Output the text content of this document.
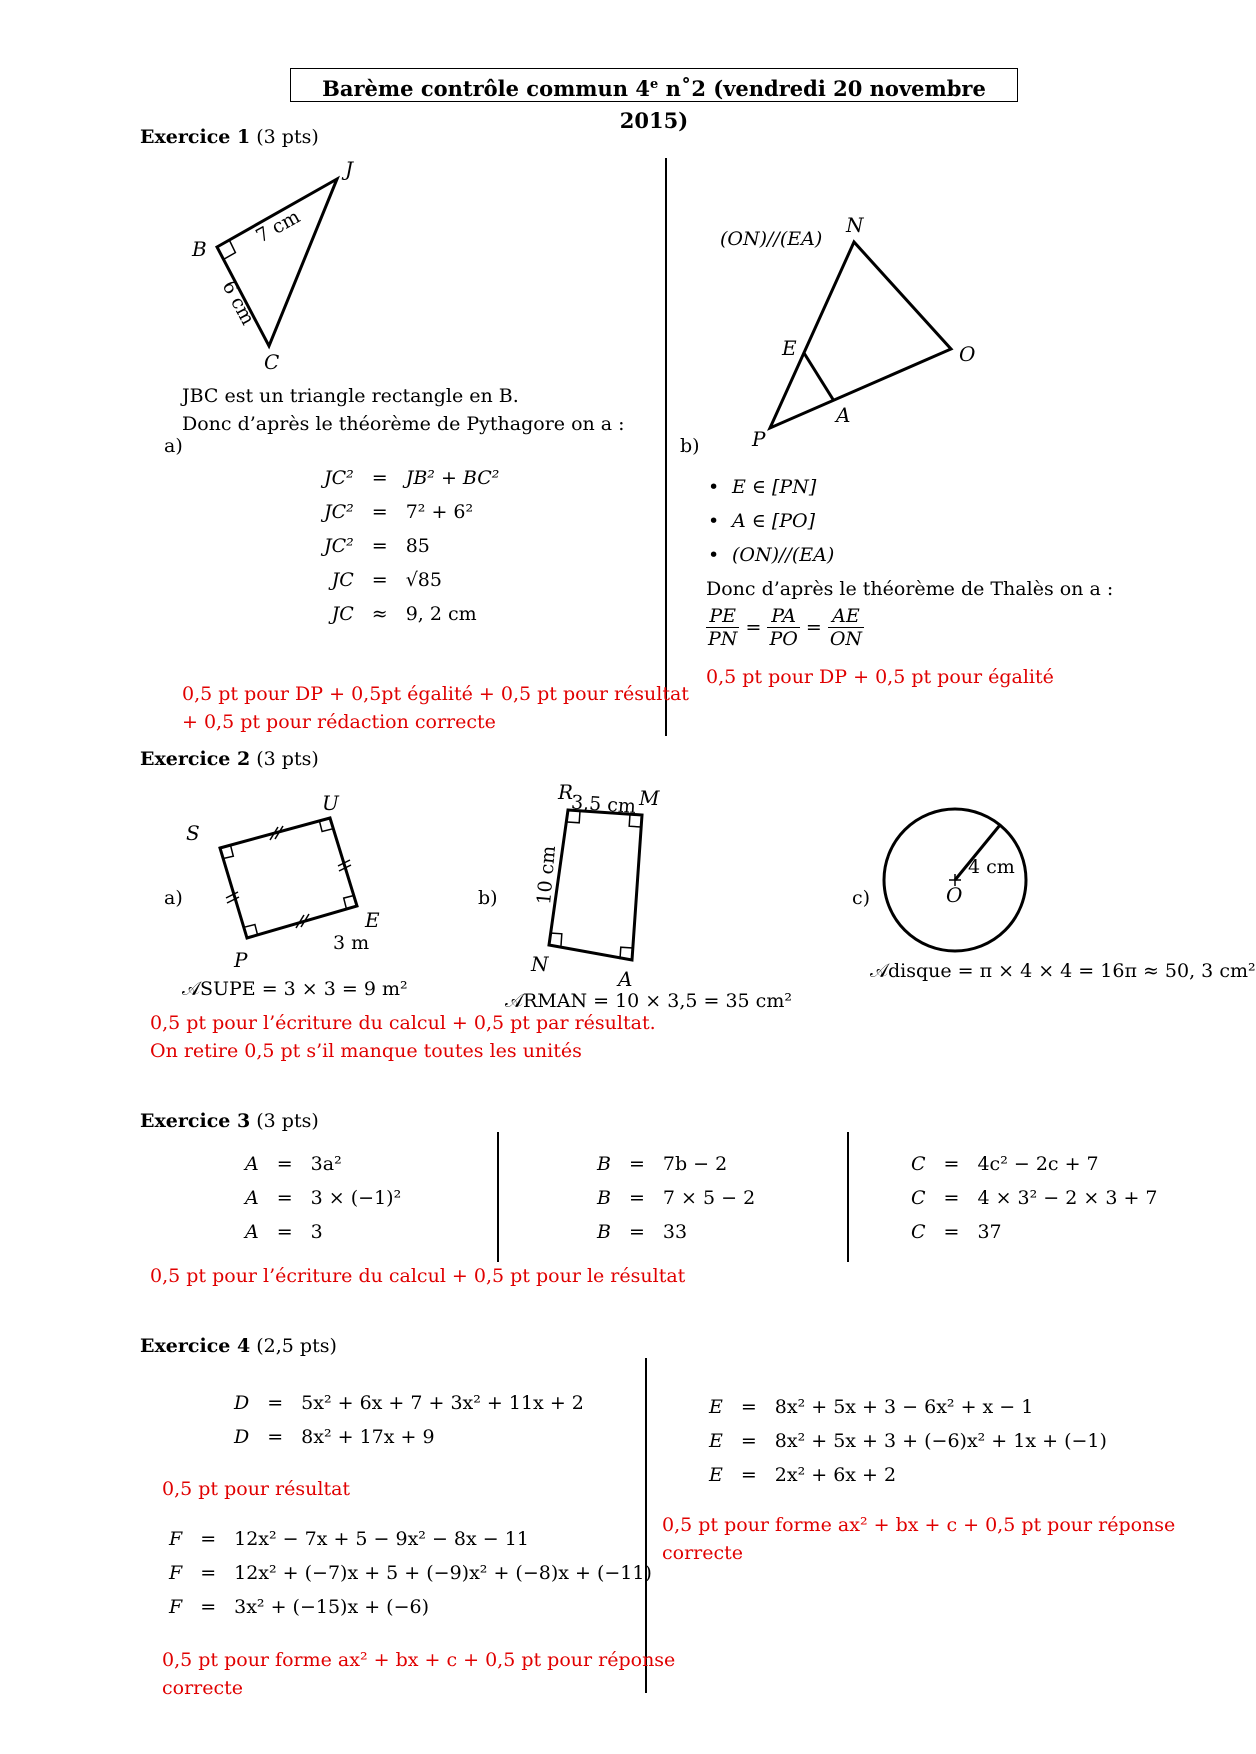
Barème contrôle commun 4e n˚2 (vendredi 20 novembre 2015)
Exercice 1 (3 pts)
J
B
C
7 cm
6 cm
JBC est un triangle rectangle en B.
Donc d’après le théorème de Pythagore on a :
a)
JC²	=	JB² + BC²
JC²	=	7² + 6²
JC²	=	85
JC	=	√85
JC	≈	9, 2 cm
0,5 pt pour DP + 0,5pt égalité + 0,5 pt pour résultat
+ 0,5 pt pour rédaction correcte
(ON)//(EA)
N
E	O
A
P
b)
• E ∈ [PN]
• A ∈ [PO]
• (ON)//(EA)
Donc d’après le théorème de Thalès on a :
$\frac{PE}{PN} = \frac{PA}{PO} = \frac{AE}{ON}$
0,5 pt pour DP + 0,5 pt pour égalité
Exercice 2 (3 pts)
a)
S
U
E
P
3 m
𝒜SUPE = 3 × 3 = 9 m²
b)
R
3,5 cm M
10 cm
N
A
𝒜RMAN = 10 × 3,5 = 35 cm²
c)	O
4 cm
𝒜disque = π × 4 × 4 = 16π ≈ 50, 3 cm²
0,5 pt pour l’écriture du calcul + 0,5 pt par résultat.
On retire 0,5 pt s’il manque toutes les unités
Exercice 3 (3 pts)
A	=	3a²
A	=	3 × (−1)²
A	=	3
B	=	7b − 2
B	=	7 × 5 − 2
B	=	33
C	=	4c² − 2c + 7
C	=	4 × 3² − 2 × 3 + 7
C	=	37
0,5 pt pour l’écriture du calcul + 0,5 pt pour le résultat
Exercice 4 (2,5 pts)
D	=	5x² + 6x + 7 + 3x² + 11x + 2
D	=	8x² + 17x + 9
0,5 pt pour résultat
F	=	12x² − 7x + 5 − 9x² − 8x − 11
F	=	12x² + (−7)x + 5 + (−9)x² + (−8)x + (−11)
F	=	3x² + (−15)x + (−6)
0,5 pt pour forme ax² + bx + c + 0,5 pt pour réponse
correcte
E	=	8x² + 5x + 3 − 6x² + x − 1
E	=	8x² + 5x + 3 + (−6)x² + 1x + (−1)
E	=	2x² + 6x + 2
0,5 pt pour forme ax² + bx + c + 0,5 pt pour réponse
correcte
